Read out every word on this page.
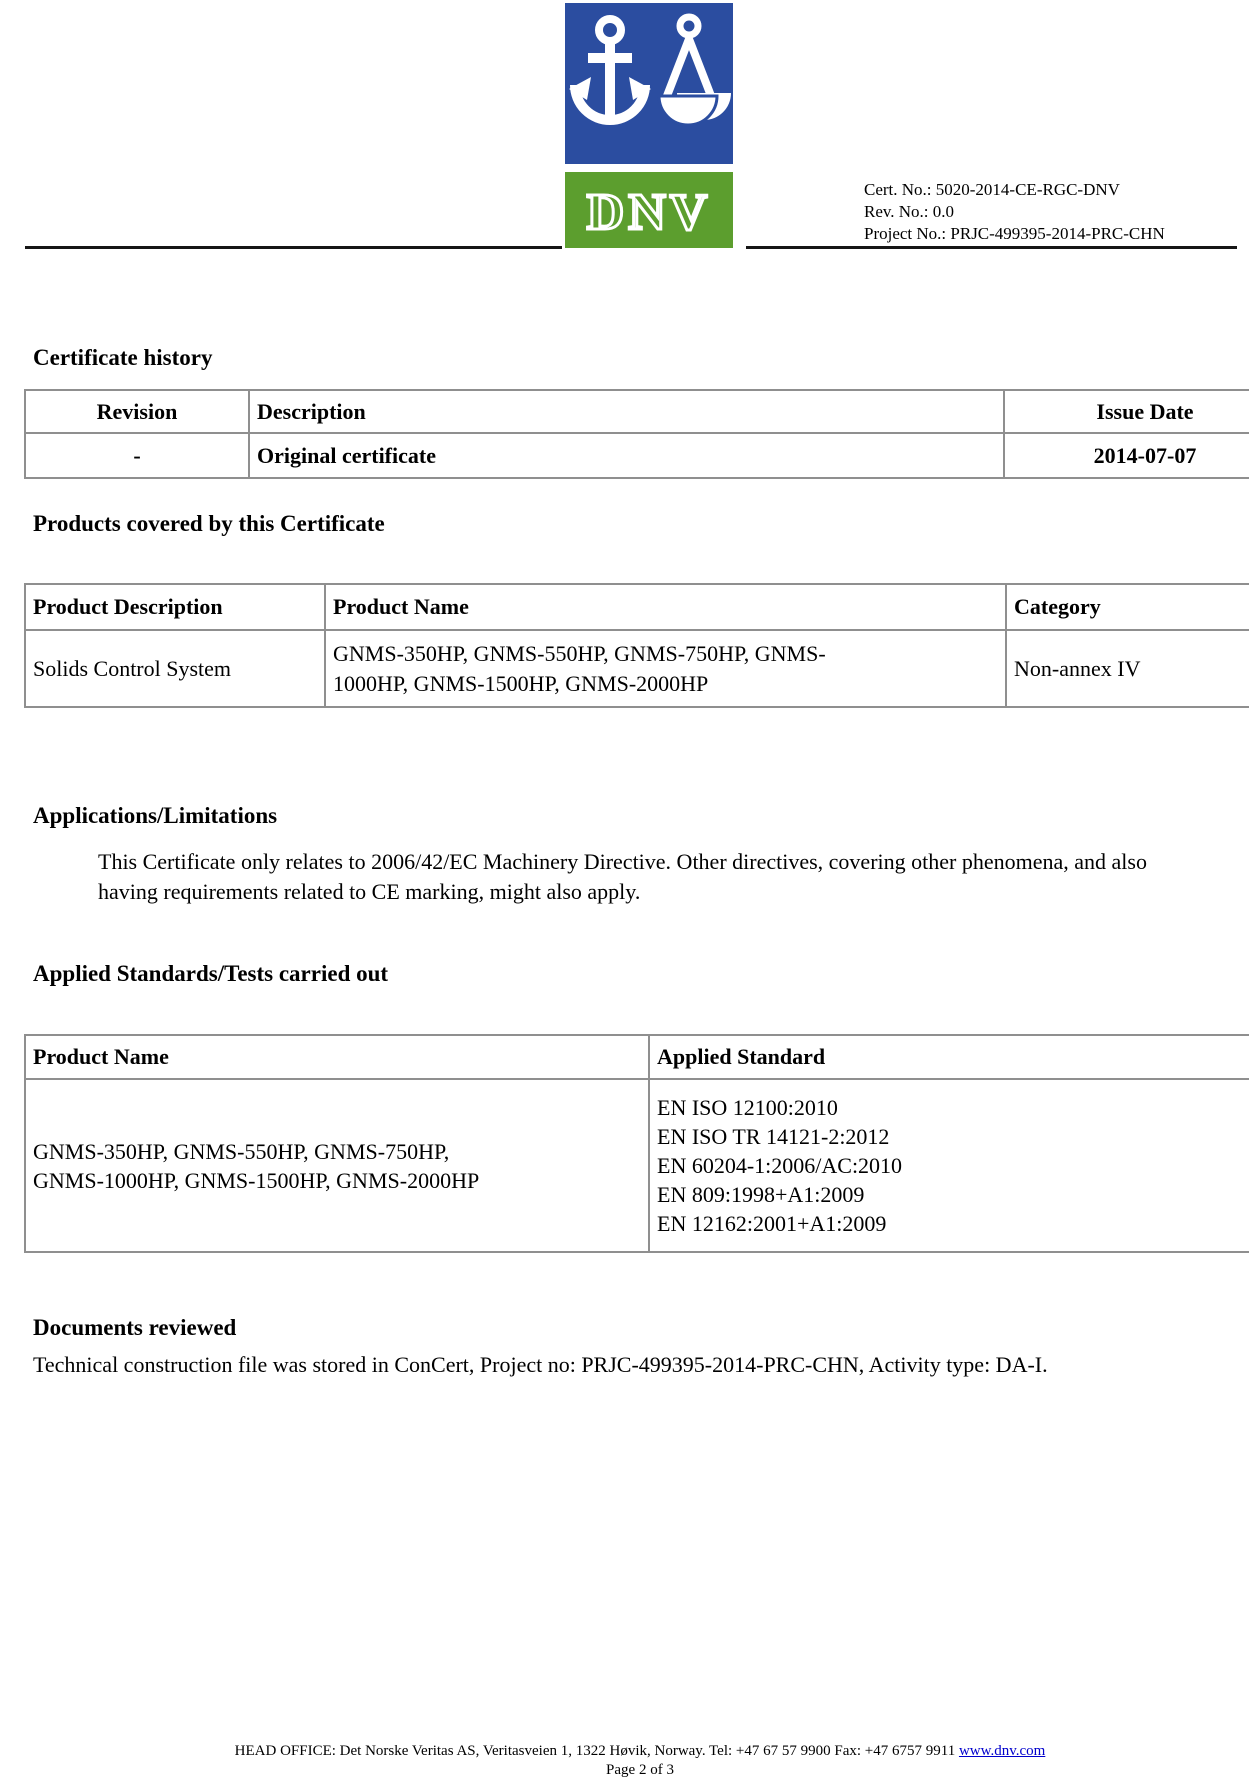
DNV	Cert. No.: 5020-2014-CE-RGC-DNV
Rev. No.: 0.0
Project No.: PRJC-499395-2014-PRC-CHN
Certificate history
Revision	Description	Issue Date
-	Original certificate	2014-07-07
Products covered by this Certificate
Product Description	Product Name	Category
Solids Control System	GNMS-350HP, GNMS-550HP, GNMS-750HP, GNMS-1000HP, GNMS-1500HP, GNMS-2000HP	Non-annex IV
Applications/Limitations
This Certificate only relates to 2006/42/EC Machinery Directive. Other directives, covering other phenomena, and also having requirements related to CE marking, might also apply.
Applied Standards/Tests carried out
Product Name	Applied Standard

GNMS-350HP, GNMS-550HP, GNMS-750HP, GNMS-1000HP, GNMS-1500HP, GNMS-2000HP	EN ISO 12100:2010
EN ISO TR 14121-2:2012
EN 60204-1:2006/AC:2010
EN 809:1998+A1:2009
EN 12162:2001+A1:2009
Documents reviewed
Technical construction file was stored in ConCert, Project no: PRJC-499395-2014-PRC-CHN, Activity type: DA-I.
HEAD OFFICE: Det Norske Veritas AS, Veritasveien 1, 1322 Høvik, Norway. Tel: +47 67 57 9900 Fax: +47 6757 9911 www.dnv.com
Page 2 of 3
